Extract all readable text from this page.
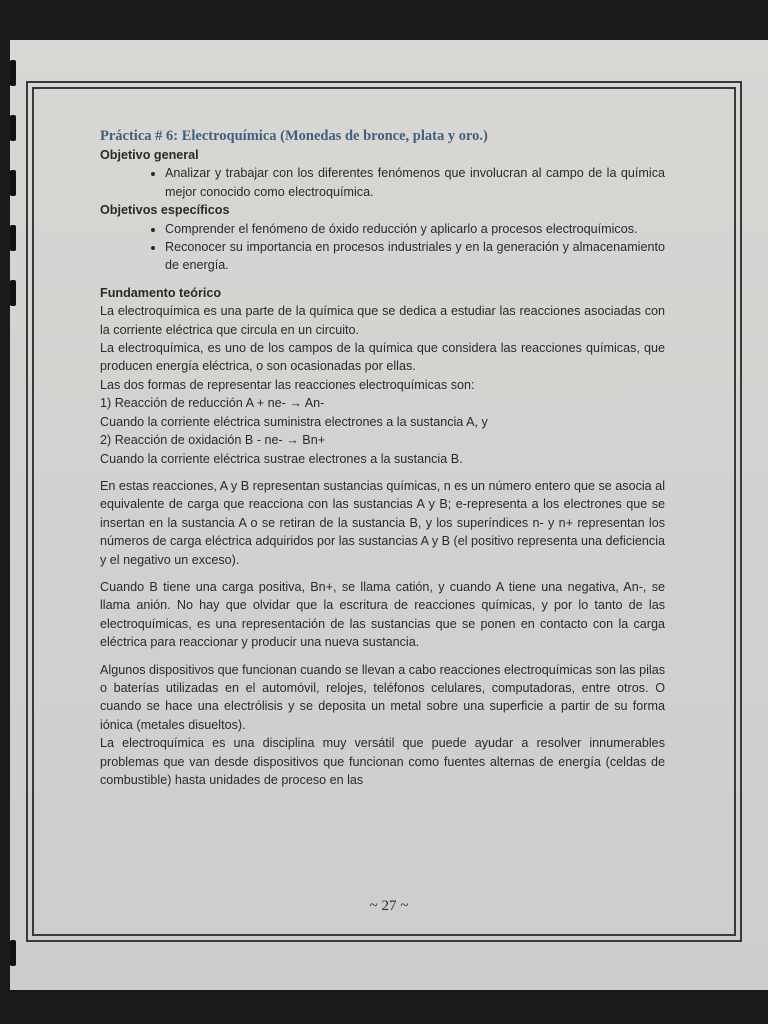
Práctica # 6: Electroquímica (Monedas de bronce, plata y oro.)

Objetivo general

• Analizar y trabajar con los diferentes fenómenos que involucran al campo de la química mejor conocido como electroquímica.

Objetivos específicos

• Comprender el fenómeno de óxido reducción y aplicarlo a procesos electroquímicos.
• Reconocer su importancia en procesos industriales y en la generación y almacenamiento de energía.

Fundamento teórico

La electroquímica es una parte de la química que se dedica a estudiar las reacciones asociadas con la corriente eléctrica que circula en un circuito.

La electroquímica, es uno de los campos de la química que considera las reacciones químicas, que producen energía eléctrica, o son ocasionadas por ellas.

Las dos formas de representar las reacciones electroquímicas son:

1) Reacción de reducción A + ne- → An-

Cuando la corriente eléctrica suministra electrones a la sustancia A, y

2) Reacción de oxidación B - ne- → Bn+

Cuando la corriente eléctrica sustrae electrones a la sustancia B.

En estas reacciones, A y B representan sustancias químicas, n es un número entero que se asocia al equivalente de carga que reacciona con las sustancias A y B; e-representa a los electrones que se insertan en la sustancia A o se retiran de la sustancia B, y los superíndices n- y n+ representan los números de carga eléctrica adquiridos por las sustancias A y B (el positivo representa una deficiencia y el negativo un exceso).

Cuando B tiene una carga positiva, Bn+, se llama catión, y cuando A tiene una negativa, An-, se llama anión. No hay que olvidar que la escritura de reacciones químicas, y por lo tanto de las electroquímicas, es una representación de las sustancias que se ponen en contacto con la carga eléctrica para reaccionar y producir una nueva sustancia.

Algunos dispositivos que funcionan cuando se llevan a cabo reacciones electroquímicas son las pilas o baterías utilizadas en el automóvil, relojes, teléfonos celulares, computadoras, entre otros. O cuando se hace una electrólisis y se deposita un metal sobre una superficie a partir de su forma iónica (metales disueltos).

La electroquímica es una disciplina muy versátil que puede ayudar a resolver innumerables problemas que van desde dispositivos que funcionan como fuentes alternas de energía (celdas de combustible) hasta unidades de proceso en las

~ 27 ~
